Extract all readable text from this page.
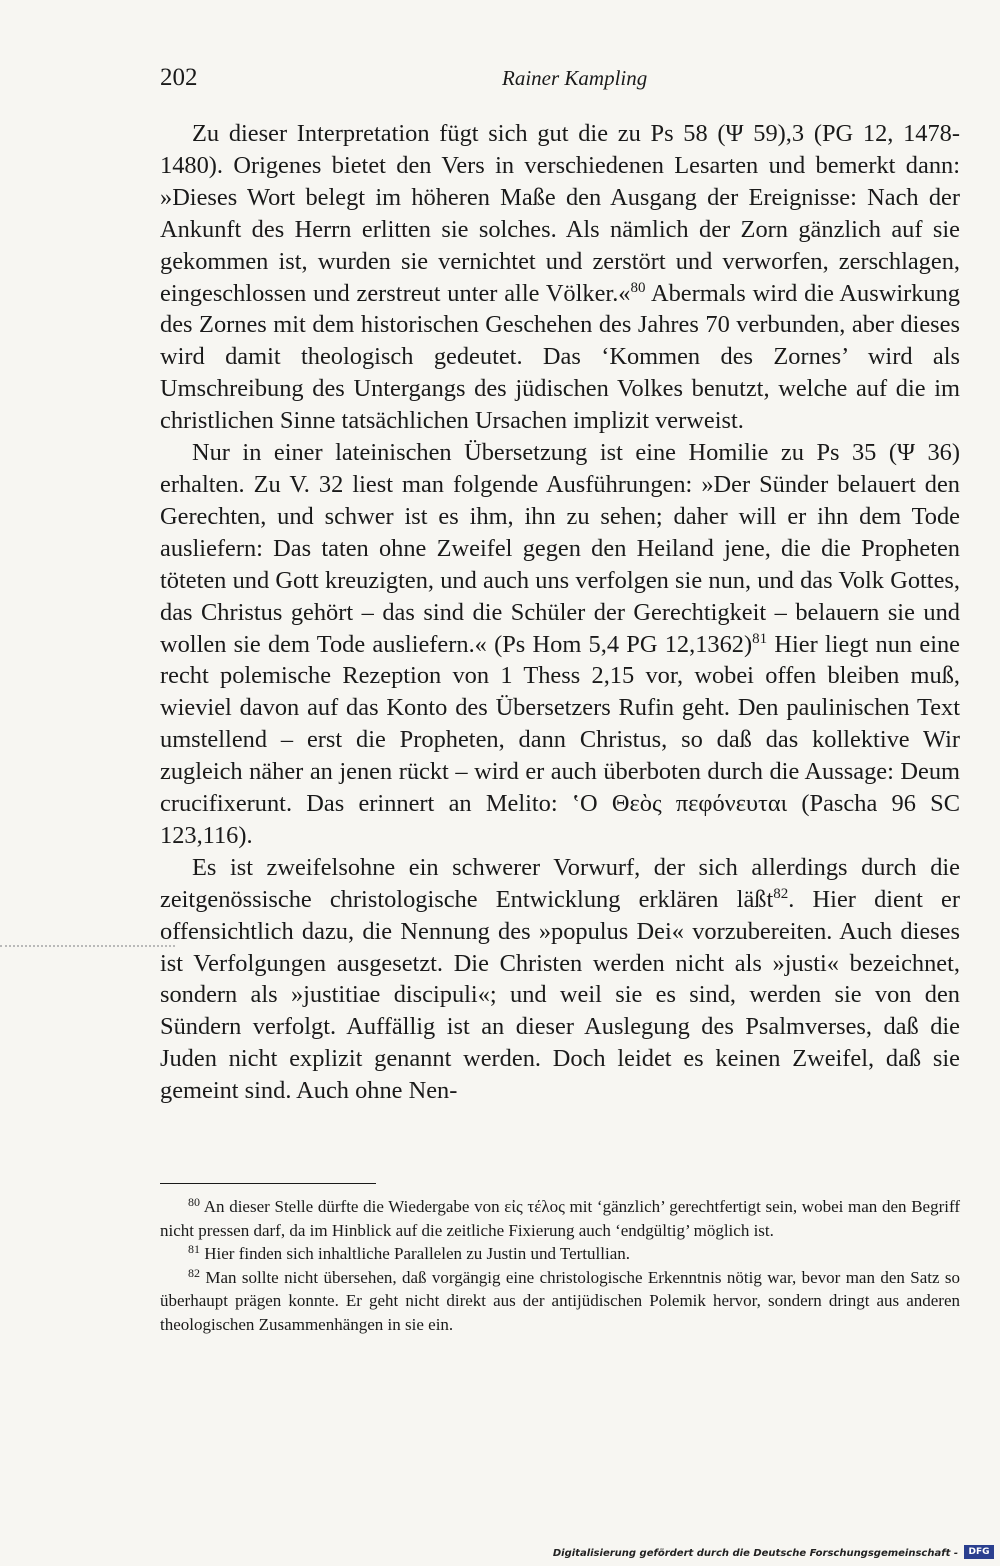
202	Rainer Kampling

Zu dieser Interpretation fügt sich gut die zu Ps 58 (Ψ 59),3 (PG 12, 1478-1480). Origenes bietet den Vers in verschiedenen Lesarten und bemerkt dann: »Dieses Wort belegt im höheren Maße den Ausgang der Ereignisse: Nach der Ankunft des Herrn erlitten sie solches. Als nämlich der Zorn gänzlich auf sie gekommen ist, wurden sie vernichtet und zerstört und verworfen, zerschlagen, eingeschlossen und zerstreut unter alle Völker.«$^{80}$ Abermals wird die Auswirkung des Zornes mit dem historischen Geschehen des Jahres 70 verbunden, aber dieses wird damit theologisch gedeutet. Das ‘Kommen des Zornes’ wird als Umschreibung des Untergangs des jüdischen Volkes benutzt, welche auf die im christlichen Sinne tatsächlichen Ursachen implizit verweist.

Nur in einer lateinischen Übersetzung ist eine Homilie zu Ps 35 (Ψ 36) erhalten. Zu V. 32 liest man folgende Ausführungen: »Der Sünder belauert den Gerechten, und schwer ist es ihm, ihn zu sehen; daher will er ihn dem Tode ausliefern: Das taten ohne Zweifel gegen den Heiland jene, die die Propheten töteten und Gott kreuzigten, und auch uns verfolgen sie nun, und das Volk Gottes, das Christus gehört – das sind die Schüler der Gerechtigkeit – belauern sie und wollen sie dem Tode ausliefern.« (Ps Hom 5,4 PG 12,1362)$^{81}$ Hier liegt nun eine recht polemische Rezeption von 1 Thess 2,15 vor, wobei offen bleiben muß, wieviel davon auf das Konto des Übersetzers Rufin geht. Den paulinischen Text umstellend – erst die Propheten, dann Christus, so daß das kollektive Wir zugleich näher an jenen rückt – wird er auch überboten durch die Aussage: Deum crucifixerunt. Das erinnert an Melito: ʽΟ Θεὸς πεφόνευται (Pascha 96 SC 123,116).

Es ist zweifelsohne ein schwerer Vorwurf, der sich allerdings durch die zeitgenössische christologische Entwicklung erklären läßt$^{82}$. Hier dient er offensichtlich dazu, die Nennung des »populus Dei« vorzubereiten. Auch dieses ist Verfolgungen ausgesetzt. Die Christen werden nicht als »justi« bezeichnet, sondern als »justitiae discipuli«; und weil sie es sind, werden sie von den Sündern verfolgt. Auffällig ist an dieser Auslegung des Psalmverses, daß die Juden nicht explizit genannt werden. Doch leidet es keinen Zweifel, daß sie gemeint sind. Auch ohne Nen-

$^{80}$ An dieser Stelle dürfte die Wiedergabe von εἰς τέλος mit ‘gänzlich’ gerechtfertigt sein, wobei man den Begriff nicht pressen darf, da im Hinblick auf die zeitliche Fixierung auch ‘endgültig’ möglich ist.

$^{81}$ Hier finden sich inhaltliche Parallelen zu Justin und Tertullian.

$^{82}$ Man sollte nicht übersehen, daß vorgängig eine christologische Erkenntnis nötig war, bevor man den Satz so überhaupt prägen konnte. Er geht nicht direkt aus der antijüdischen Polemik hervor, sondern dringt aus anderen theologischen Zusammenhängen in sie ein.

Digitalisierung gefördert durch die Deutsche Forschungsgemeinschaft -	DFG
